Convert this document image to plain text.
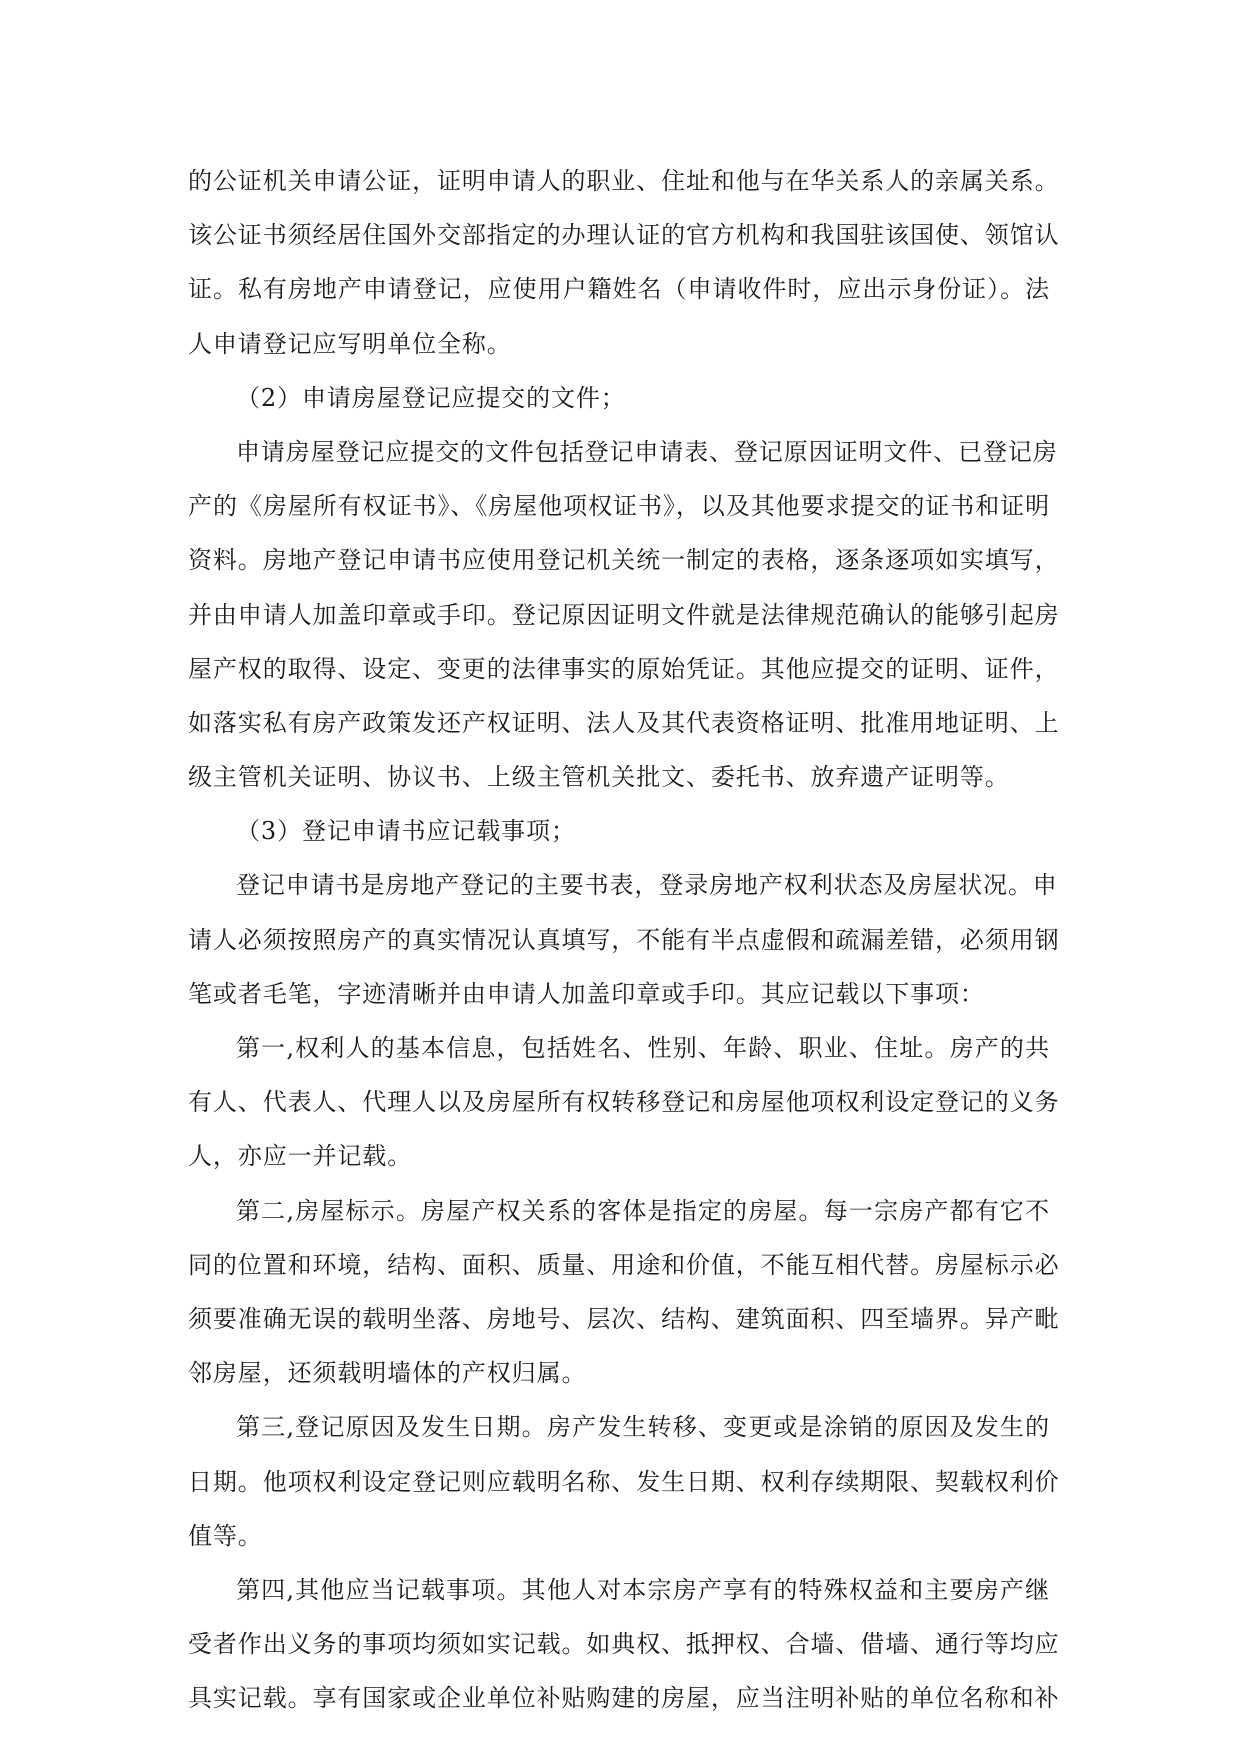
的公证机关申请公证，证明申请人的职业、住址和他与在华关系人的亲属关系。

该公证书须经居住国外交部指定的办理认证的官方机构和我国驻该国使、领馆认

证。私有房地产申请登记，应使用户籍姓名（申请收件时，应出示身份证）。法

人申请登记应写明单位全称。

（2）申请房屋登记应提交的文件；

申请房屋登记应提交的文件包括登记申请表、登记原因证明文件、已登记房

产的《房屋所有权证书》、《房屋他项权证书》，以及其他要求提交的证书和证明

资料。房地产登记申请书应使用登记机关统一制定的表格，逐条逐项如实填写，

并由申请人加盖印章或手印。登记原因证明文件就是法律规范确认的能够引起房

屋产权的取得、设定、变更的法律事实的原始凭证。其他应提交的证明、证件，

如落实私有房产政策发还产权证明、法人及其代表资格证明、批准用地证明、上

级主管机关证明、协议书、上级主管机关批文、委托书、放弃遗产证明等。

（3）登记申请书应记载事项；

登记申请书是房地产登记的主要书表，登录房地产权利状态及房屋状况。申

请人必须按照房产的真实情况认真填写，不能有半点虚假和疏漏差错，必须用钢

笔或者毛笔，字迹清晰并由申请人加盖印章或手印。其应记载以下事项：

第一,权利人的基本信息，包括姓名、性别、年龄、职业、住址。房产的共

有人、代表人、代理人以及房屋所有权转移登记和房屋他项权利设定登记的义务

人，亦应一并记载。

第二,房屋标示。房屋产权关系的客体是指定的房屋。每一宗房产都有它不

同的位置和环境，结构、面积、质量、用途和价值，不能互相代替。房屋标示必

须要准确无误的载明坐落、房地号、层次、结构、建筑面积、四至墙界。异产毗

邻房屋，还须载明墙体的产权归属。

第三,登记原因及发生日期。房产发生转移、变更或是涂销的原因及发生的

日期。他项权利设定登记则应载明名称、发生日期、权利存续期限、契载权利价

值等。

第四,其他应当记载事项。其他人对本宗房产享有的特殊权益和主要房产继

受者作出义务的事项均须如实记载。如典权、抵押权、合墙、借墙、通行等均应

具实记载。享有国家或企业单位补贴购建的房屋，应当注明补贴的单位名称和补
